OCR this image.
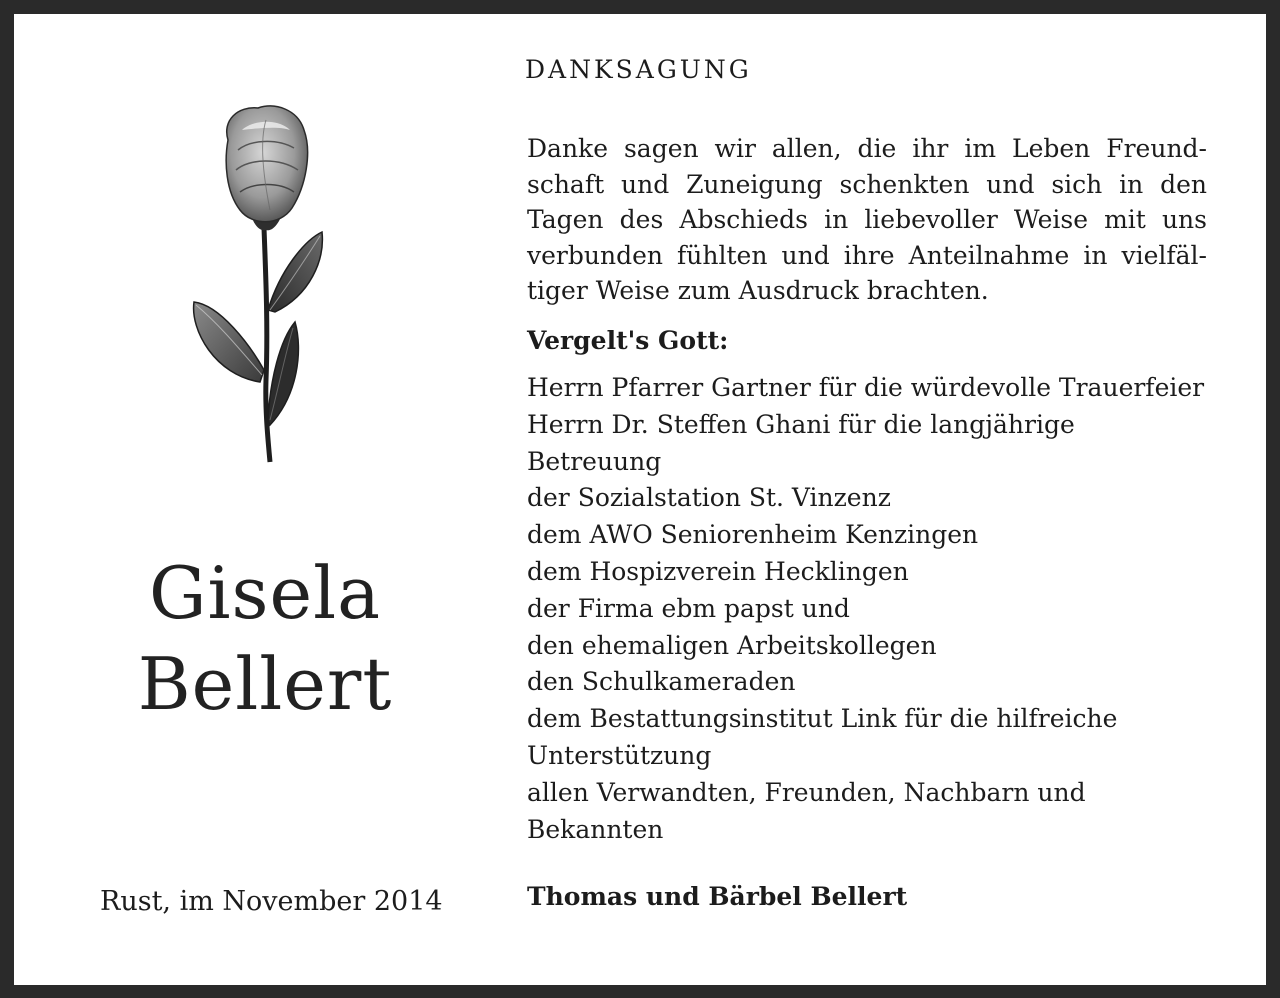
Gisela
Bellert
Rust, im November 2014
DANKSAGUNG
Danke sagen wir allen, die ihr im Leben Freund-
schaft und Zuneigung schenkten und sich in den
Tagen des Abschieds in liebevoller Weise mit uns
verbunden fühlten und ihre Anteilnahme in vielfäl-
tiger Weise zum Ausdruck brachten.
Vergelt's Gott:
Herrn Pfarrer Gartner für die würdevolle Trauerfeier
Herrn Dr. Steffen Ghani für die langjährige
Betreuung
der Sozialstation St. Vinzenz
dem AWO Seniorenheim Kenzingen
dem Hospizverein Hecklingen
der Firma ebm papst und
den ehemaligen Arbeitskollegen
den Schulkameraden
dem Bestattungsinstitut Link für die hilfreiche
Unterstützung
allen Verwandten, Freunden, Nachbarn und
Bekannten
Thomas und Bärbel Bellert
